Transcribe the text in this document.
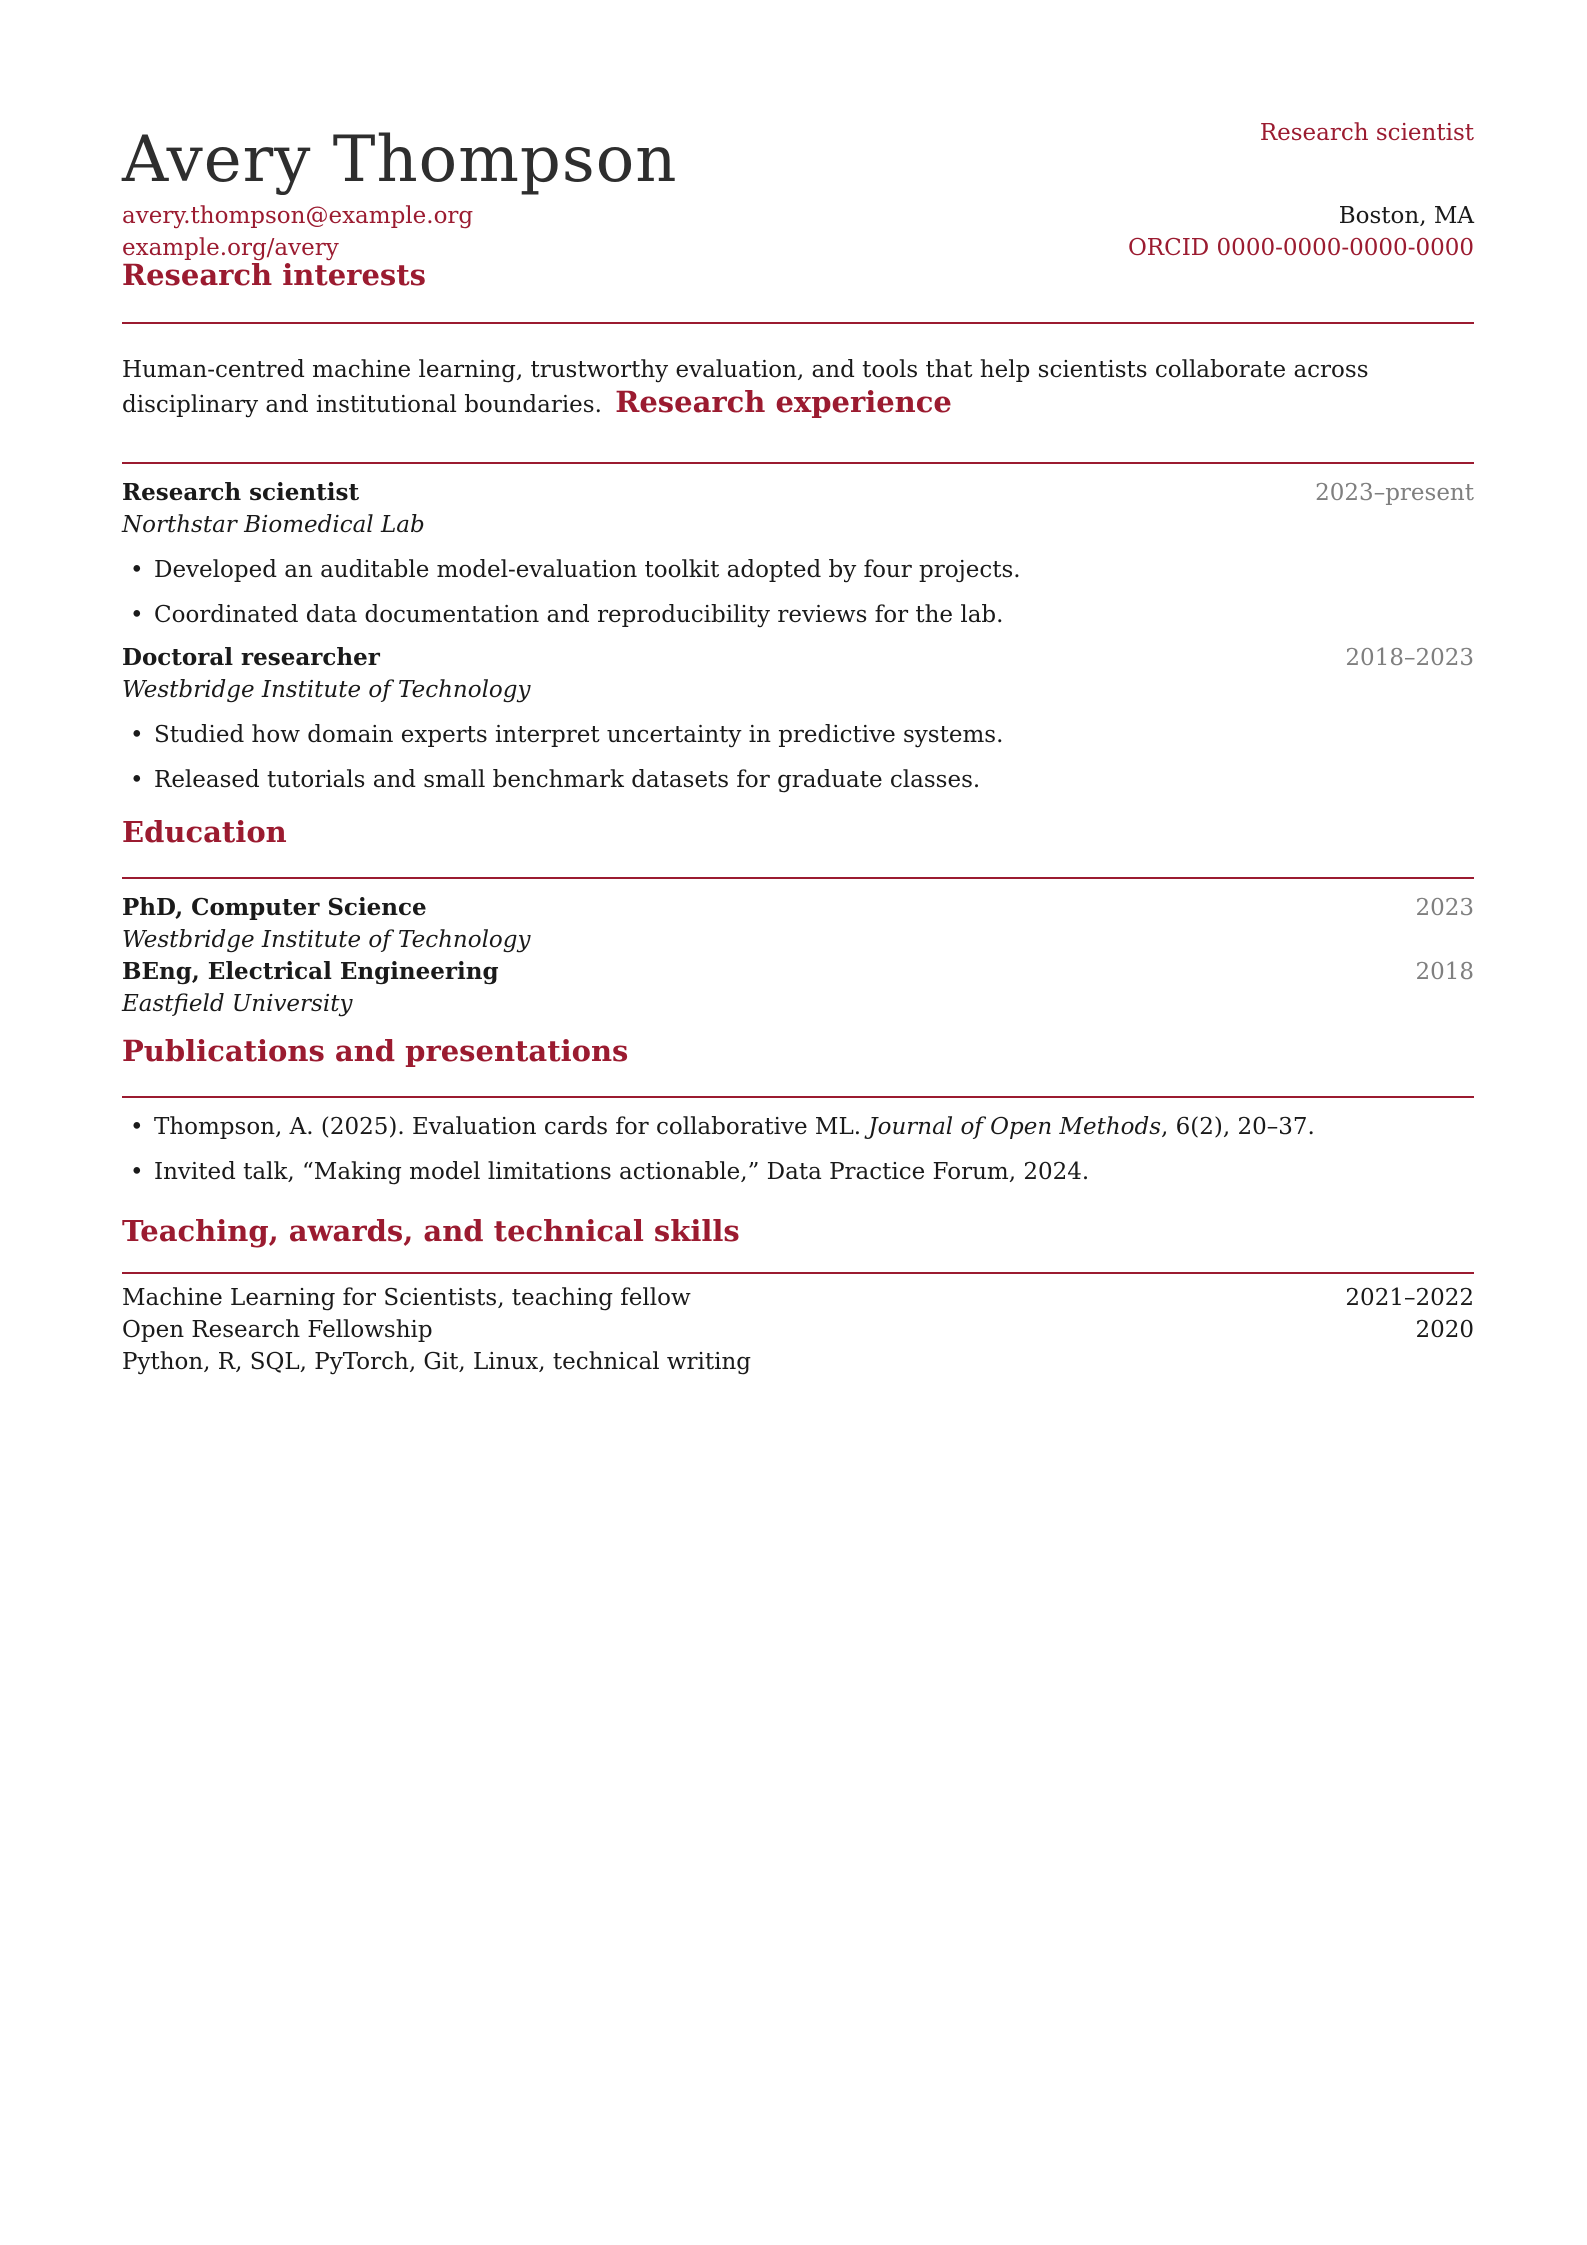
Avery Thompson	Research scientist
avery.thompson@example.org
example.org/avery
Boston, MA
ORCID 0000-0000-0000-0000
Research interests
Human-centred machine learning, trustworthy evaluation, and tools that help scientists collaborate across disciplinary and institutional boundaries. Research experience
Research scientist	2023–present
Northstar Biomedical Lab
• Developed an auditable model-evaluation toolkit adopted by four projects.
• Coordinated data documentation and reproducibility reviews for the lab.
Doctoral researcher	2018–2023
Westbridge Institute of Technology
• Studied how domain experts interpret uncertainty in predictive systems.
• Released tutorials and small benchmark datasets for graduate classes.
Education
PhD, Computer Science	2023
Westbridge Institute of Technology
BEng, Electrical Engineering	2018
Eastfield University
Publications and presentations
• Thompson, A. (2025). Evaluation cards for collaborative ML. Journal of Open Methods, 6(2), 20–37.
• Invited talk, “Making model limitations actionable,” Data Practice Forum, 2024.
Teaching, awards, and technical skills
Machine Learning for Scientists, teaching fellow	2021–2022
Open Research Fellowship	2020
Python, R, SQL, PyTorch, Git, Linux, technical writing
